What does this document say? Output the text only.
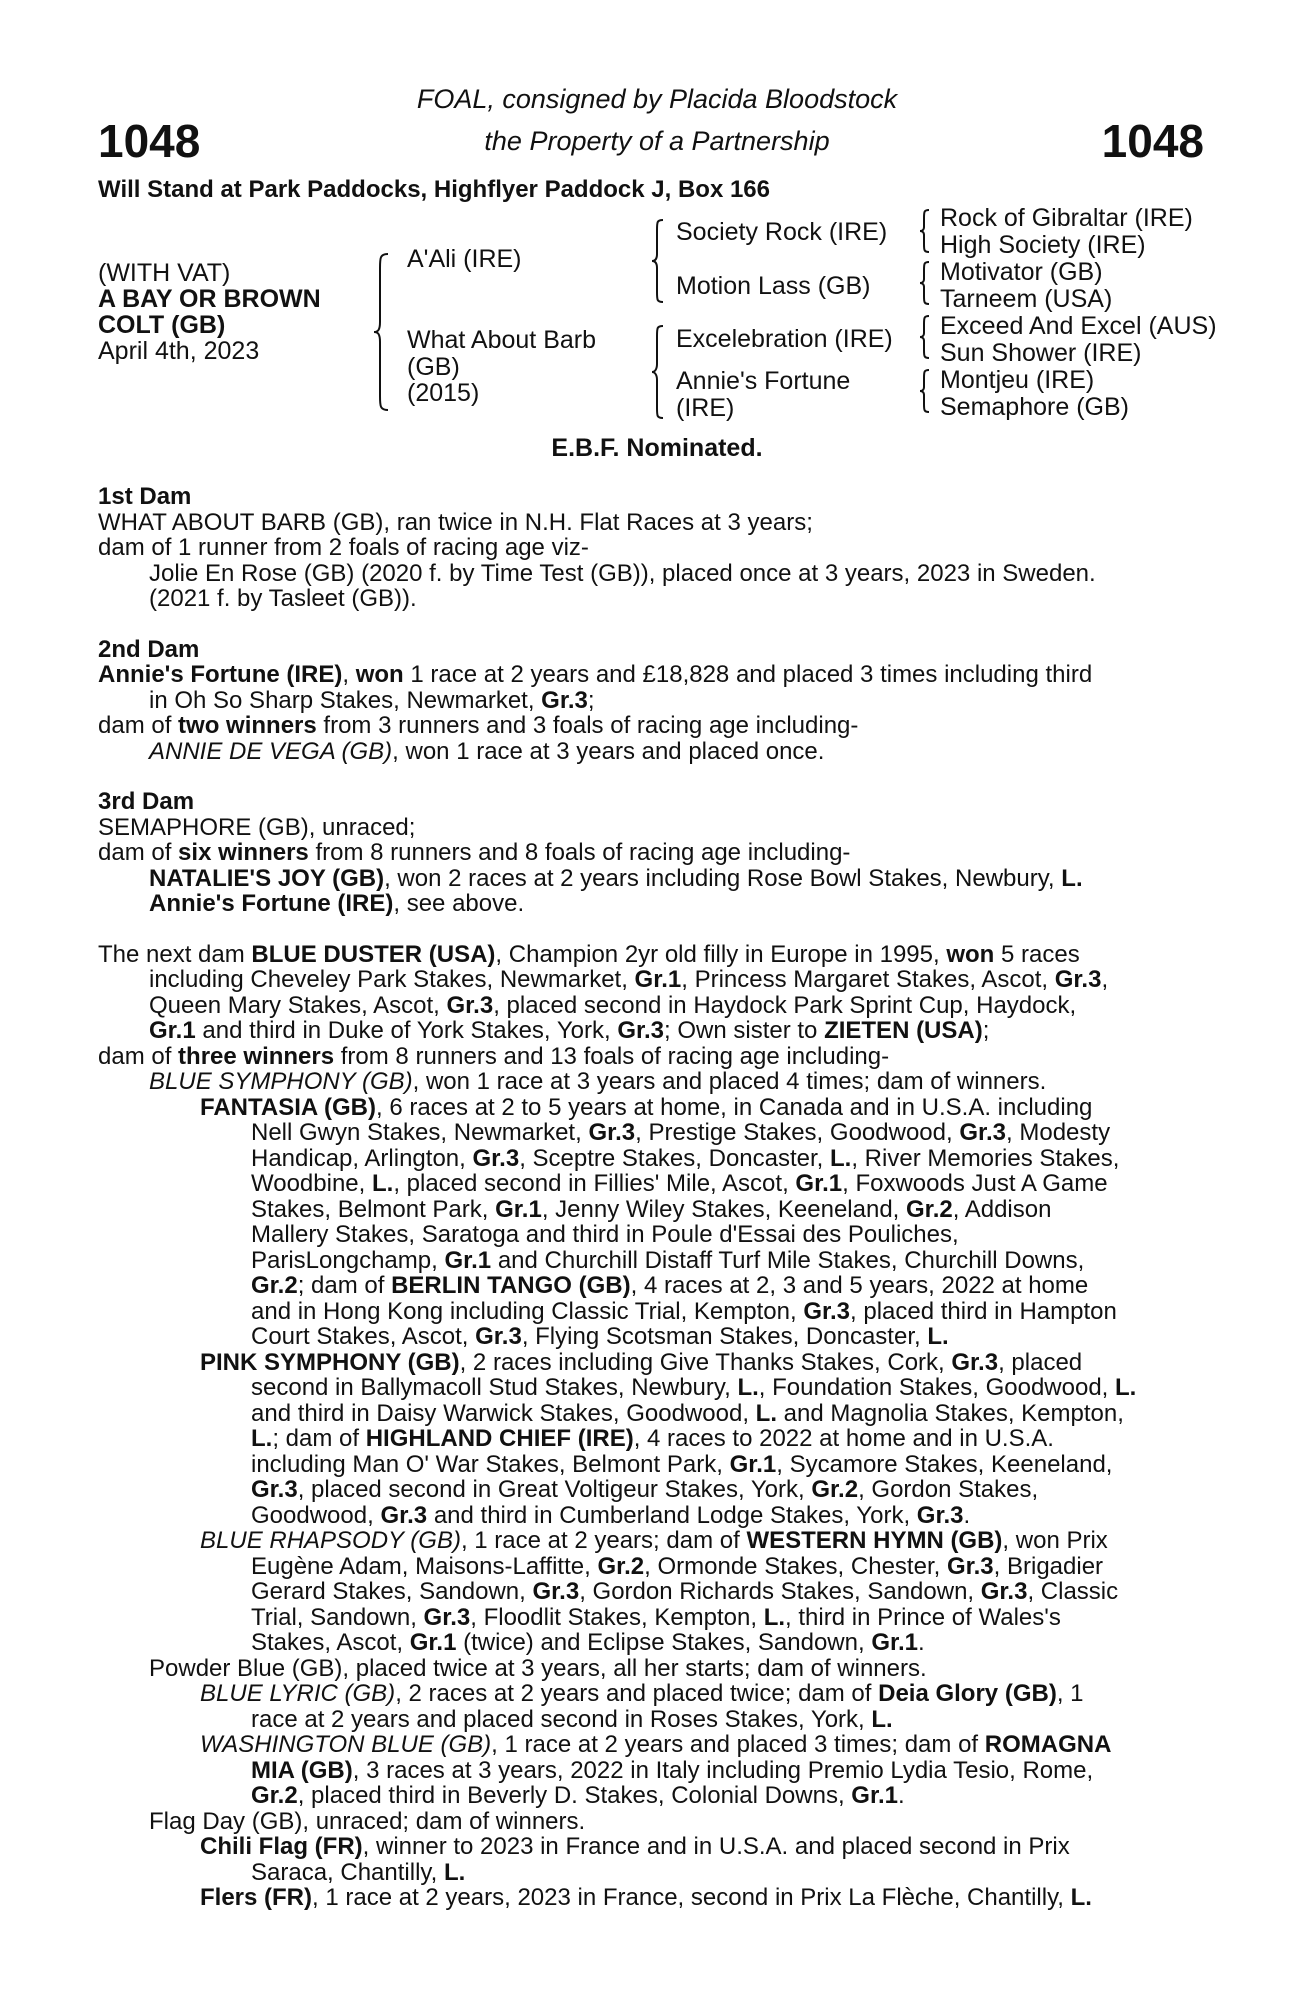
1048	1048
FOAL, consigned by Placida Bloodstock
the Property of a Partnership
Will Stand at Park Paddocks, Highflyer Paddock J, Box 166
(WITH VAT)
A BAY OR BROWN
COLT (GB)
April 4th, 2023
A'Ali (IRE)
What About Barb
(GB)
(2015)
Society Rock (IRE)
Motion Lass (GB)
Excelebration (IRE)
Annie's Fortune
(IRE)
Rock of Gibraltar (IRE)
High Society (IRE)
Motivator (GB)
Tarneem (USA)
Exceed And Excel (AUS)
Sun Shower (IRE)
Montjeu (IRE)
Semaphore (GB)
E.B.F. Nominated.
1st Dam
WHAT ABOUT BARB (GB), ran twice in N.H. Flat Races at 3 years;
dam of 1 runner from 2 foals of racing age viz-
Jolie En Rose (GB) (2020 f. by Time Test (GB)), placed once at 3 years, 2023 in Sweden.
(2021 f. by Tasleet (GB)).
2nd Dam
Annie's Fortune (IRE), won 1 race at 2 years and £18,828 and placed 3 times including third
in Oh So Sharp Stakes, Newmarket, Gr.3;
dam of two winners from 3 runners and 3 foals of racing age including-
ANNIE DE VEGA (GB), won 1 race at 3 years and placed once.
3rd Dam
SEMAPHORE (GB), unraced;
dam of six winners from 8 runners and 8 foals of racing age including-
NATALIE'S JOY (GB), won 2 races at 2 years including Rose Bowl Stakes, Newbury, L.
Annie's Fortune (IRE), see above.
The next dam BLUE DUSTER (USA), Champion 2yr old filly in Europe in 1995, won 5 races
including Cheveley Park Stakes, Newmarket, Gr.1, Princess Margaret Stakes, Ascot, Gr.3,
Queen Mary Stakes, Ascot, Gr.3, placed second in Haydock Park Sprint Cup, Haydock,
Gr.1 and third in Duke of York Stakes, York, Gr.3; Own sister to ZIETEN (USA);
dam of three winners from 8 runners and 13 foals of racing age including-
BLUE SYMPHONY (GB), won 1 race at 3 years and placed 4 times; dam of winners.
FANTASIA (GB), 6 races at 2 to 5 years at home, in Canada and in U.S.A. including
Nell Gwyn Stakes, Newmarket, Gr.3, Prestige Stakes, Goodwood, Gr.3, Modesty
Handicap, Arlington, Gr.3, Sceptre Stakes, Doncaster, L., River Memories Stakes,
Woodbine, L., placed second in Fillies' Mile, Ascot, Gr.1, Foxwoods Just A Game
Stakes, Belmont Park, Gr.1, Jenny Wiley Stakes, Keeneland, Gr.2, Addison
Mallery Stakes, Saratoga and third in Poule d'Essai des Pouliches,
ParisLongchamp, Gr.1 and Churchill Distaff Turf Mile Stakes, Churchill Downs,
Gr.2; dam of BERLIN TANGO (GB), 4 races at 2, 3 and 5 years, 2022 at home
and in Hong Kong including Classic Trial, Kempton, Gr.3, placed third in Hampton
Court Stakes, Ascot, Gr.3, Flying Scotsman Stakes, Doncaster, L.
PINK SYMPHONY (GB), 2 races including Give Thanks Stakes, Cork, Gr.3, placed
second in Ballymacoll Stud Stakes, Newbury, L., Foundation Stakes, Goodwood, L.
and third in Daisy Warwick Stakes, Goodwood, L. and Magnolia Stakes, Kempton,
L.; dam of HIGHLAND CHIEF (IRE), 4 races to 2022 at home and in U.S.A.
including Man O' War Stakes, Belmont Park, Gr.1, Sycamore Stakes, Keeneland,
Gr.3, placed second in Great Voltigeur Stakes, York, Gr.2, Gordon Stakes,
Goodwood, Gr.3 and third in Cumberland Lodge Stakes, York, Gr.3.
BLUE RHAPSODY (GB), 1 race at 2 years; dam of WESTERN HYMN (GB), won Prix
Eugène Adam, Maisons-Laffitte, Gr.2, Ormonde Stakes, Chester, Gr.3, Brigadier
Gerard Stakes, Sandown, Gr.3, Gordon Richards Stakes, Sandown, Gr.3, Classic
Trial, Sandown, Gr.3, Floodlit Stakes, Kempton, L., third in Prince of Wales's
Stakes, Ascot, Gr.1 (twice) and Eclipse Stakes, Sandown, Gr.1.
Powder Blue (GB), placed twice at 3 years, all her starts; dam of winners.
BLUE LYRIC (GB), 2 races at 2 years and placed twice; dam of Deia Glory (GB), 1
race at 2 years and placed second in Roses Stakes, York, L.
WASHINGTON BLUE (GB), 1 race at 2 years and placed 3 times; dam of ROMAGNA
MIA (GB), 3 races at 3 years, 2022 in Italy including Premio Lydia Tesio, Rome,
Gr.2, placed third in Beverly D. Stakes, Colonial Downs, Gr.1.
Flag Day (GB), unraced; dam of winners.
Chili Flag (FR), winner to 2023 in France and in U.S.A. and placed second in Prix
Saraca, Chantilly, L.
Flers (FR), 1 race at 2 years, 2023 in France, second in Prix La Flèche, Chantilly, L.
